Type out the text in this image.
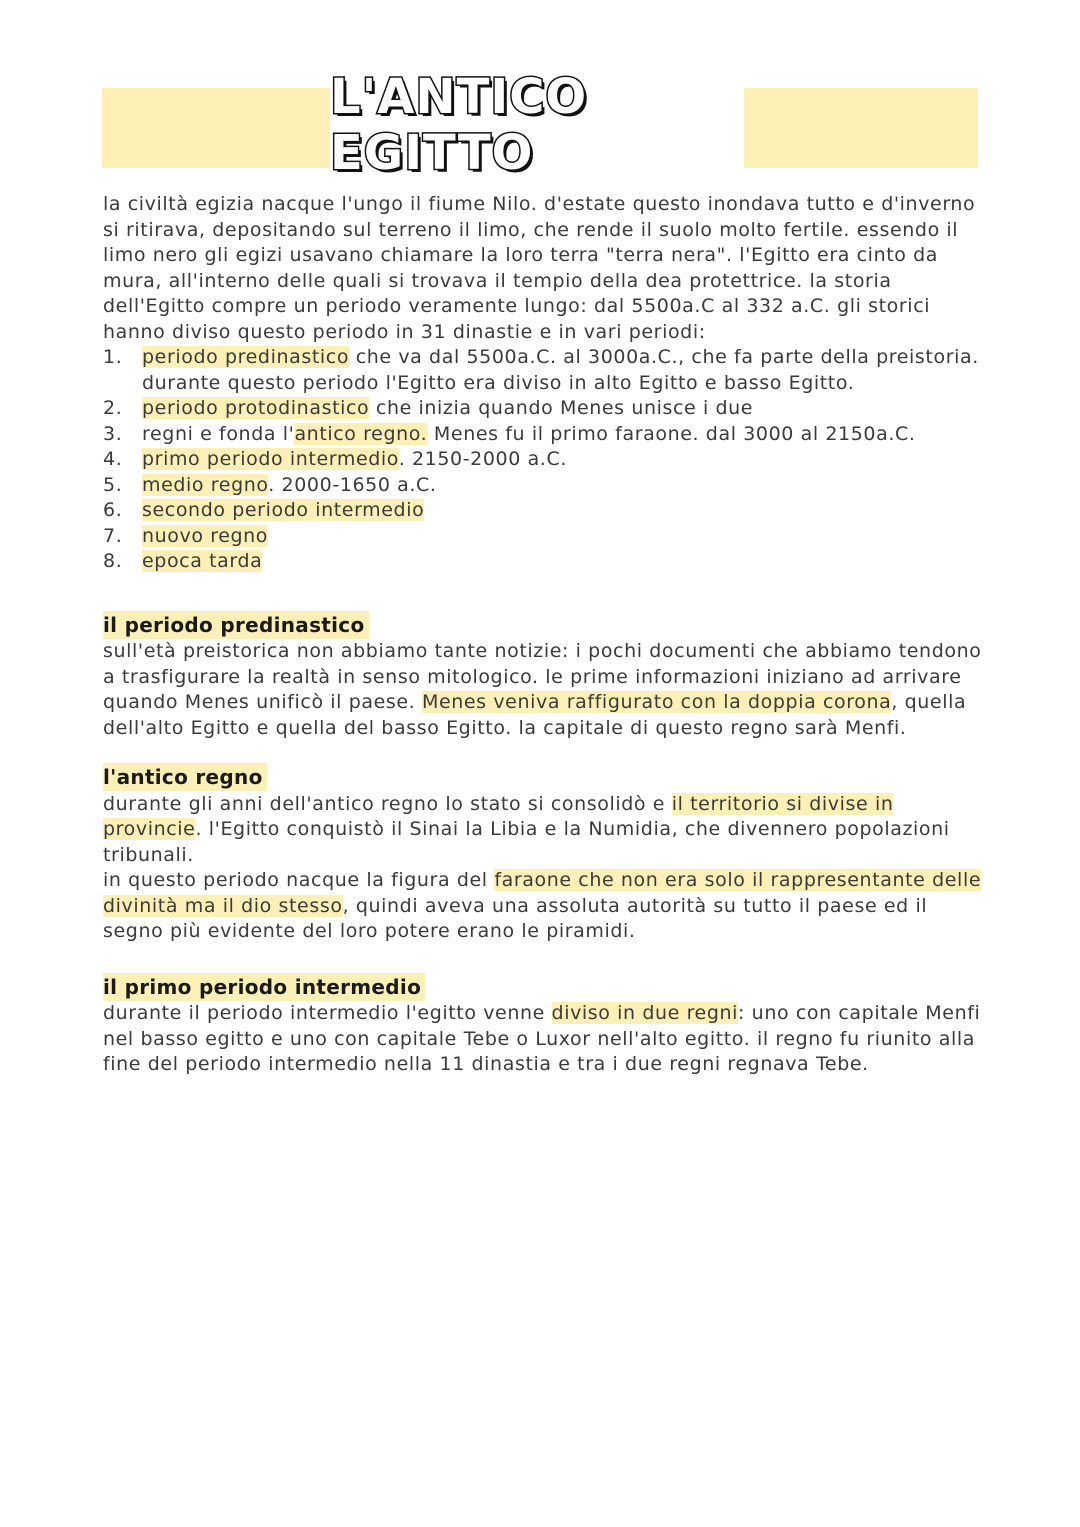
L'ANTICO EGITTO

la civiltà egizia nacque l'ungo il fiume Nilo. d'estate questo inondava tutto e d'inverno si ritirava, depositando sul terreno il limo, che rende il suolo molto fertile. essendo il limo nero gli egizi usavano chiamare la loro terra "terra nera". l'Egitto era cinto da mura, all'interno delle quali si trovava il tempio della dea protettrice. la storia dell'Egitto compre un periodo veramente lungo: dal 5500a.C al 332 a.C. gli storici hanno diviso questo periodo in 31 dinastie e in vari periodi:

1.	periodo predinastico che va dal 5500a.C. al 3000a.C., che fa parte della preistoria. durante questo periodo l'Egitto era diviso in alto Egitto e basso Egitto.
2.	periodo protodinastico che inizia quando Menes unisce i due
3.	regni e fonda l'antico regno. Menes fu il primo faraone. dal 3000 al 2150a.C.
4.	primo periodo intermedio. 2150-2000 a.C.
5.	medio regno. 2000-1650 a.C.
6.	secondo periodo intermedio
7.	nuovo regno
8.	epoca tarda
il periodo predinastico

sull'età preistorica non abbiamo tante notizie: i pochi documenti che abbiamo tendono a trasfigurare la realtà in senso mitologico. le prime informazioni iniziano ad arrivare quando Menes unificò il paese. Menes veniva raffigurato con la doppia corona, quella dell'alto Egitto e quella del basso Egitto. la capitale di questo regno sarà Menfi.

l'antico regno

durante gli anni dell'antico regno lo stato si consolidò e il territorio si divise in provincie. l'Egitto conquistò il Sinai la Libia e la Numidia, che divennero popolazioni tribunali.

in questo periodo nacque la figura del faraone che non era solo il rappresentante delle divinità ma il dio stesso, quindi aveva una assoluta autorità su tutto il paese ed il segno più evidente del loro potere erano le piramidi.

il primo periodo intermedio

durante il periodo intermedio l'egitto venne diviso in due regni: uno con capitale Menfi nel basso egitto e uno con capitale Tebe o Luxor nell'alto egitto. il regno fu riunito alla fine del periodo intermedio nella 11 dinastia e tra i due regni regnava Tebe.
